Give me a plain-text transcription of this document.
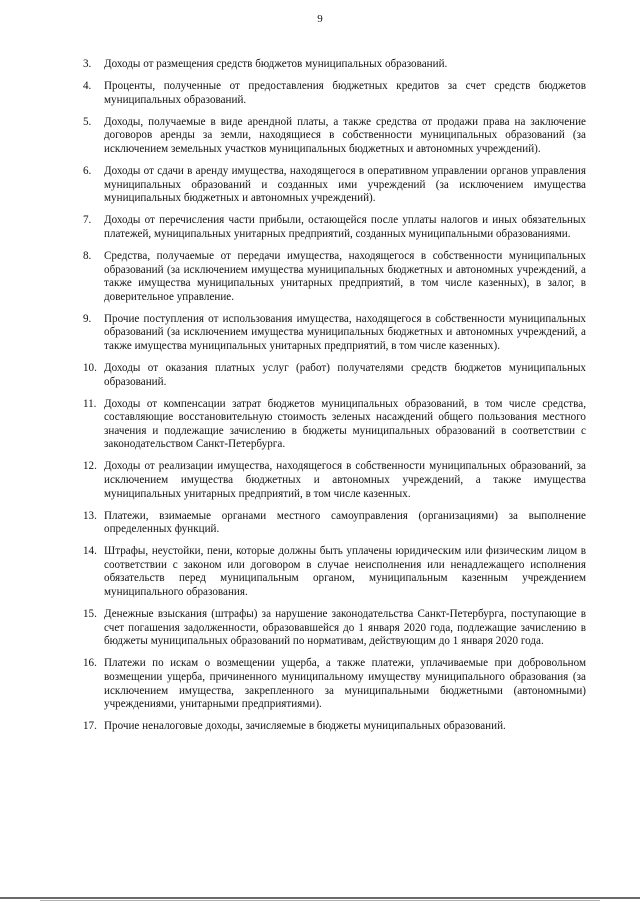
9
3.	Доходы от размещения средств бюджетов муниципальных образований.
4.	Проценты, полученные от предоставления бюджетных кредитов за счет средств бюджетов муниципальных образований.
5.	Доходы, получаемые в виде арендной платы, а также средства от продажи права на заключение договоров аренды за земли, находящиеся в собственности муниципальных образований (за исключением земельных участков муниципальных бюджетных и автономных учреждений).
6.	Доходы от сдачи в аренду имущества, находящегося в оперативном управлении органов управления муниципальных образований и созданных ими учреждений (за исключением имущества муниципальных бюджетных и автономных учреждений).
7.	Доходы от перечисления части прибыли, остающейся после уплаты налогов и иных обязательных платежей, муниципальных унитарных предприятий, созданных муниципальными образованиями.
8.	Средства, получаемые от передачи имущества, находящегося в собственности муниципальных образований (за исключением имущества муниципальных бюджетных и автономных учреждений, а также имущества муниципальных унитарных предприятий, в том числе казенных), в залог, в доверительное управление.
9.	Прочие поступления от использования имущества, находящегося в собственности муниципальных образований (за исключением имущества муниципальных бюджетных и автономных учреждений, а также имущества муниципальных унитарных предприятий, в том числе казенных).
10. Доходы от оказания платных услуг (работ) получателями средств бюджетов муниципальных образований.
11. Доходы от компенсации затрат бюджетов муниципальных образований, в том числе средства, составляющие восстановительную стоимость зеленых насаждений общего пользования местного значения и подлежащие зачислению в бюджеты муниципальных образований в соответствии с законодательством Санкт-Петербурга.
12. Доходы от реализации имущества, находящегося в собственности муниципальных образований, за исключением имущества бюджетных и автономных учреждений, а также имущества муниципальных унитарных предприятий, в том числе казенных.
13. Платежи, взимаемые органами местного самоуправления (организациями) за выполнение определенных функций.
14. Штрафы, неустойки, пени, которые должны быть уплачены юридическим или физическим лицом в соответствии с законом или договором в случае неисполнения или ненадлежащего исполнения обязательств перед муниципальным органом, муниципальным казенным учреждением муниципального образования.
15. Денежные взыскания (штрафы) за нарушение законодательства Санкт-Петербурга, поступающие в счет погашения задолженности, образовавшейся до 1 января 2020 года, подлежащие зачислению в бюджеты муниципальных образований по нормативам, действующим до 1 января 2020 года.
16. Платежи по искам о возмещении ущерба, а также платежи, уплачиваемые при добровольном возмещении ущерба, причиненного муниципальному имуществу муниципального образования (за исключением имущества, закрепленного за муниципальными бюджетными (автономными) учреждениями, унитарными предприятиями).
17. Прочие неналоговые доходы, зачисляемые в бюджеты муниципальных образований.
